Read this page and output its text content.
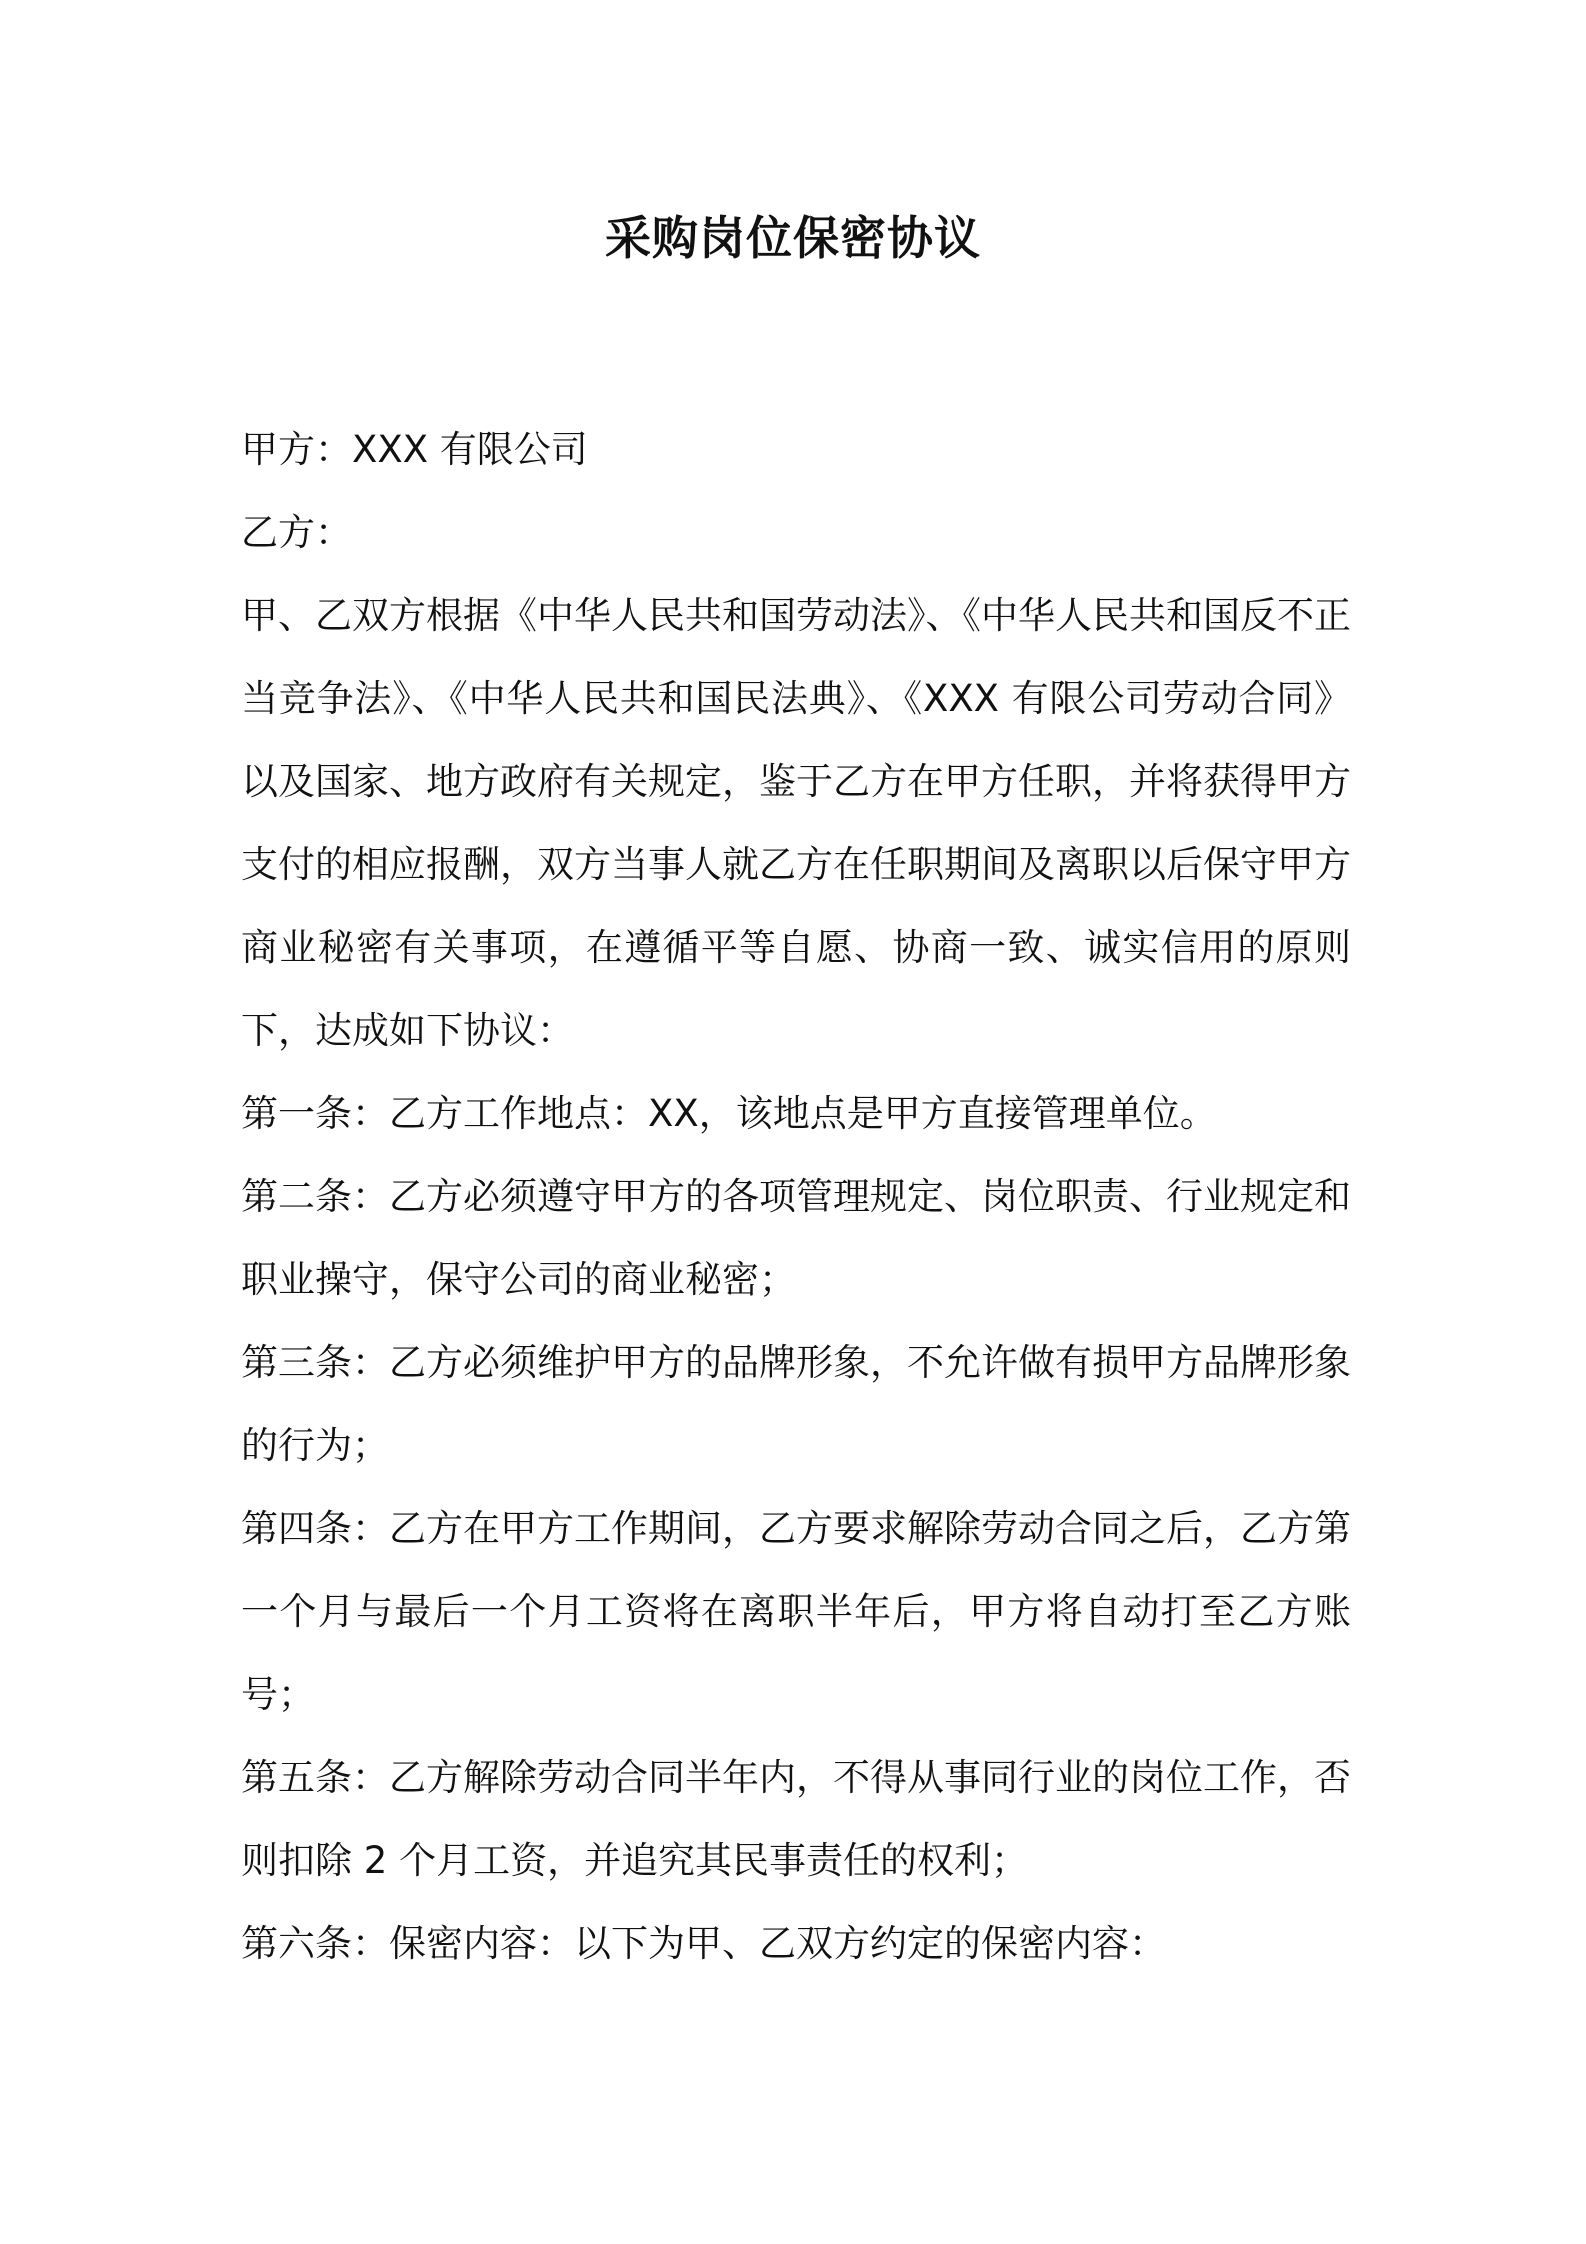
采购岗位保密协议

甲方：XXX 有限公司

乙方：

甲、乙双方根据《中华人民共和国劳动法》、《中华人民共和国反不正当竞争法》、《中华人民共和国民法典》、《XXX 有限公司劳动合同》以及国家、地方政府有关规定，鉴于乙方在甲方任职，并将获得甲方支付的相应报酬，双方当事人就乙方在任职期间及离职以后保守甲方商业秘密有关事项，在遵循平等自愿、协商一致、诚实信用的原则下，达成如下协议：

第一条：乙方工作地点：XX，该地点是甲方直接管理单位。

第二条：乙方必须遵守甲方的各项管理规定、岗位职责、行业规定和职业操守，保守公司的商业秘密；

第三条：乙方必须维护甲方的品牌形象，不允许做有损甲方品牌形象的行为；

第四条：乙方在甲方工作期间，乙方要求解除劳动合同之后，乙方第一个月与最后一个月工资将在离职半年后，甲方将自动打至乙方账号；

第五条：乙方解除劳动合同半年内，不得从事同行业的岗位工作，否则扣除 2 个月工资，并追究其民事责任的权利；

第六条：保密内容：以下为甲、乙双方约定的保密内容：
